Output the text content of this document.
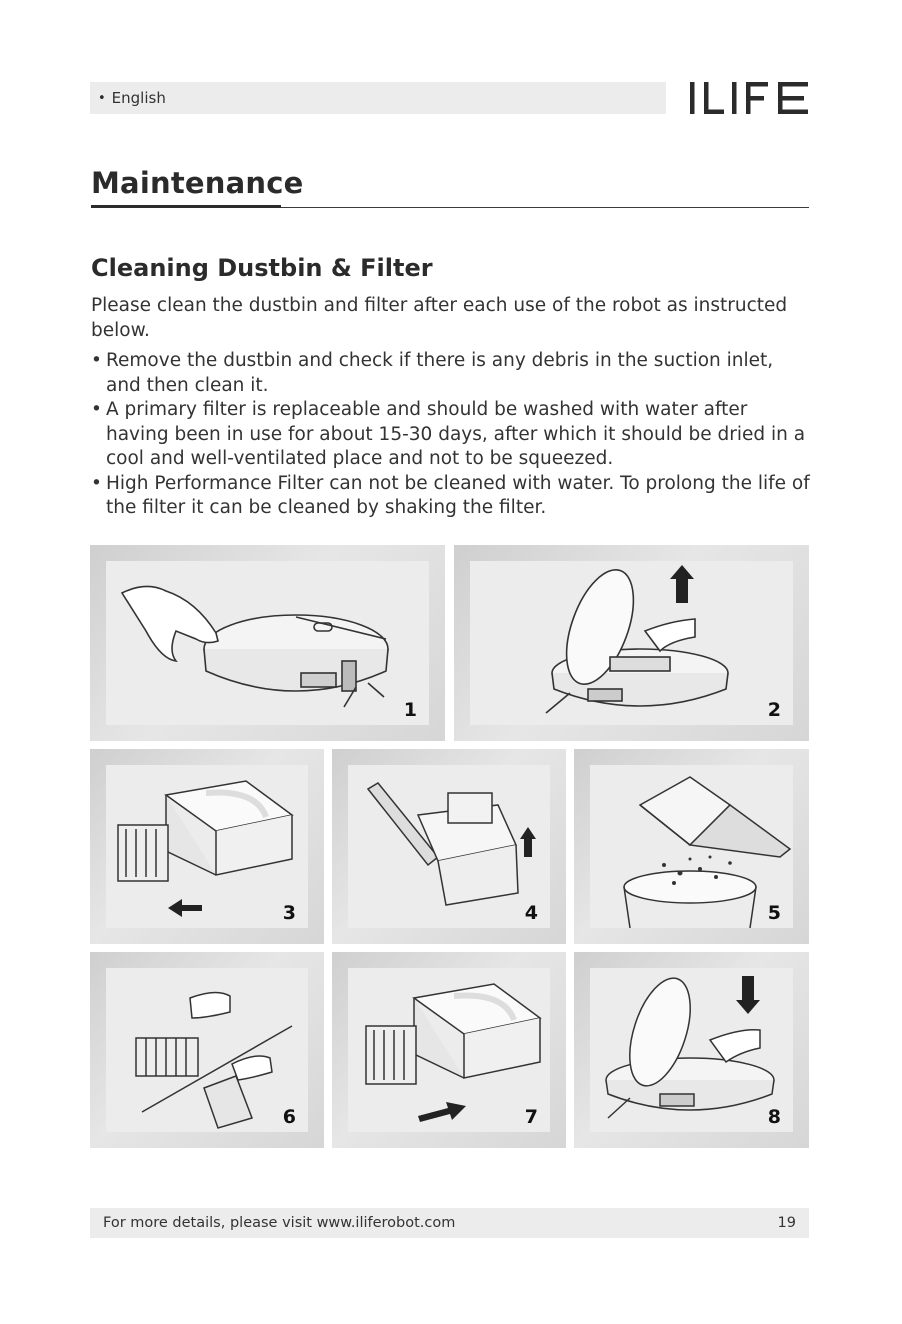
• English
Maintenance
Cleaning Dustbin & Filter

Please clean the dustbin and filter after each use of the robot as instructed below.

• Remove the dustbin and check if there is any debris in the suction inlet, and then clean it.
• A primary filter is replaceable and should be washed with water after having been in use for about 15-30 days, after which it should be dried in a cool and well-ventilated place and not to be squeezed.
• High Performance Filter can not be cleaned with water. To prolong the life of the filter it can be cleaned by shaking the filter.
1	2
3	4	5
6	7	8
For more details, please visit www.iliferobot.com	19
